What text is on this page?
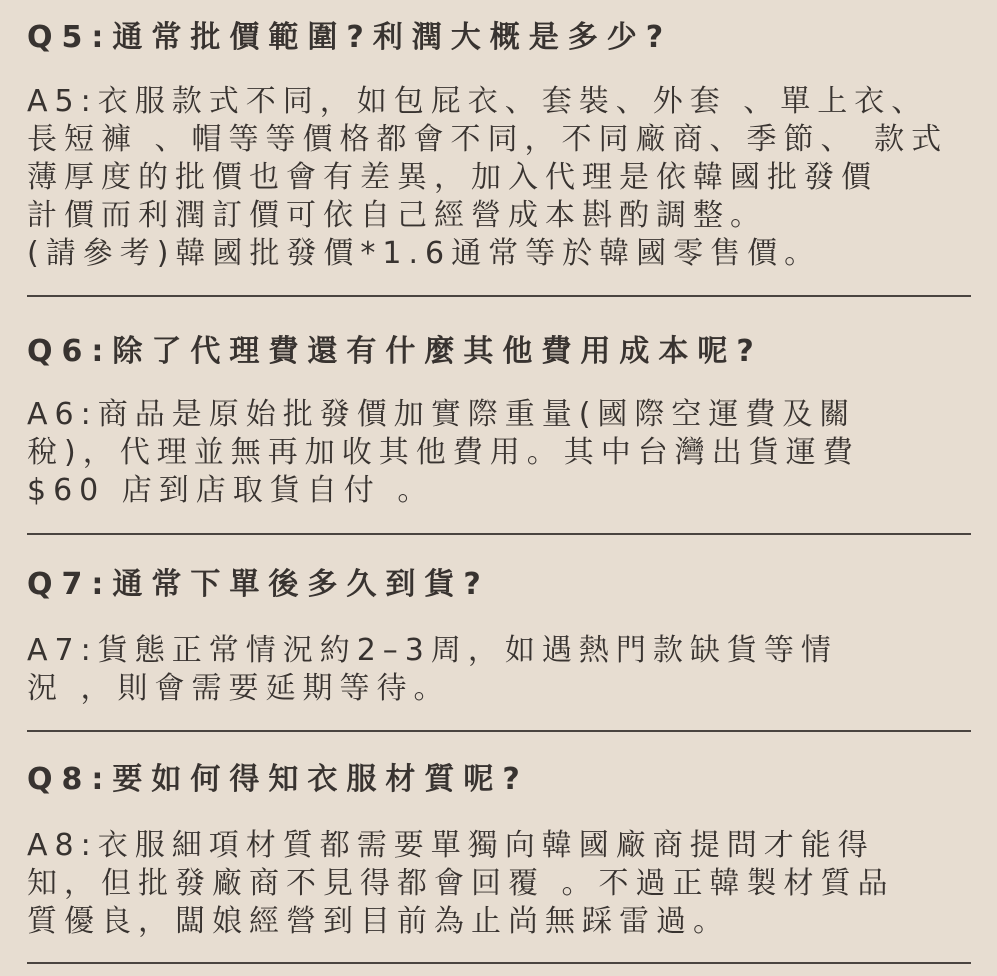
Q5:通常批價範圍?利潤大概是多少?
A5:衣服款式不同，如包屁衣、套裝、外套 、單上衣、
長短褲 、帽等等價格都會不同，不同廠商、季節、 款式
薄厚度的批價也會有差異，加入代理是依韓國批發價
計價而利潤訂價可依自己經營成本斟酌調整。
(請參考)韓國批發價*1.6通常等於韓國零售價。
Q6:除了代理費還有什麼其他費用成本呢?
A6:商品是原始批發價加實際重量(國際空運費及關
稅)，代理並無再加收其他費用。其中台灣出貨運費
$60 店到店取貨自付 。
Q7:通常下單後多久到貨?
A7:貨態正常情況約2–3周，如遇熱門款缺貨等情
況 ，則會需要延期等待。
Q8:要如何得知衣服材質呢?
A8:衣服細項材質都需要單獨向韓國廠商提問才能得
知，但批發廠商不見得都會回覆 。不過正韓製材質品
質優良，闆娘經營到目前為止尚無踩雷過。
